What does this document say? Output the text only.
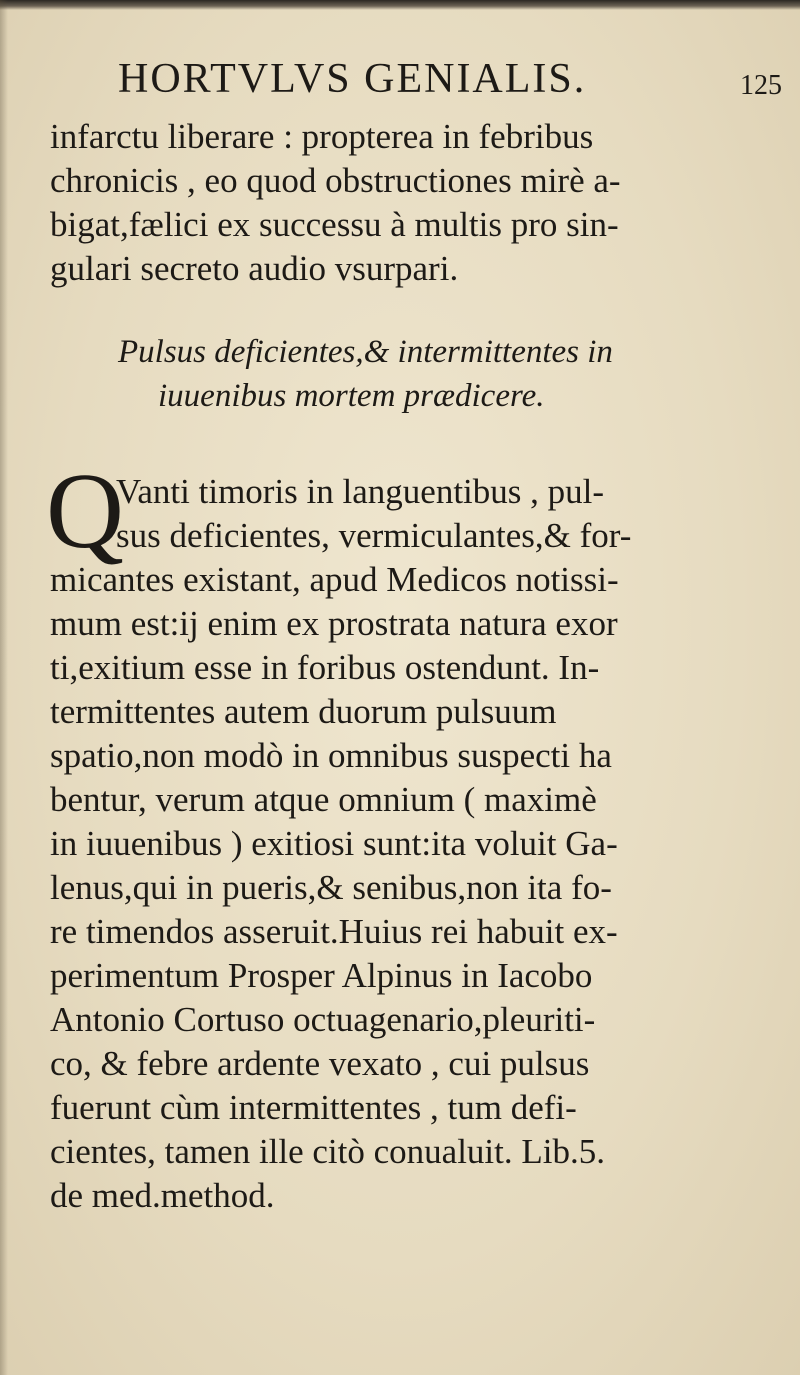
HORTVLVS GENIALIS.	125
infarctu liberare : propterea in febribus
chronicis , eo quod obstructiones mirè a-
bigat,fælici ex successu à multis pro sin-
gulari secreto audio vsurpari.
Pulsus deficientes,& intermittentes in
iuuenibus mortem prædicere.
Q
Vanti timoris in languentibus , pul-
sus deficientes, vermiculantes,& for-
micantes existant, apud Medicos notissi-
mum est:ij enim ex prostrata natura exor
ti,exitium esse in foribus ostendunt. In-
termittentes autem duorum pulsuum
spatio,non modò in omnibus suspecti ha
bentur, verum atque omnium ( maximè
in iuuenibus ) exitiosi sunt:ita voluit Ga-
lenus,qui in pueris,& senibus,non ita fo-
re timendos asseruit.Huius rei habuit ex-
perimentum Prosper Alpinus in Iacobo
Antonio Cortuso octuagenario,pleuriti-
co, & febre ardente vexato , cui pulsus
fuerunt cùm intermittentes , tum defi-
cientes, tamen ille citò conualuit. Lib.5.
de med.method.
